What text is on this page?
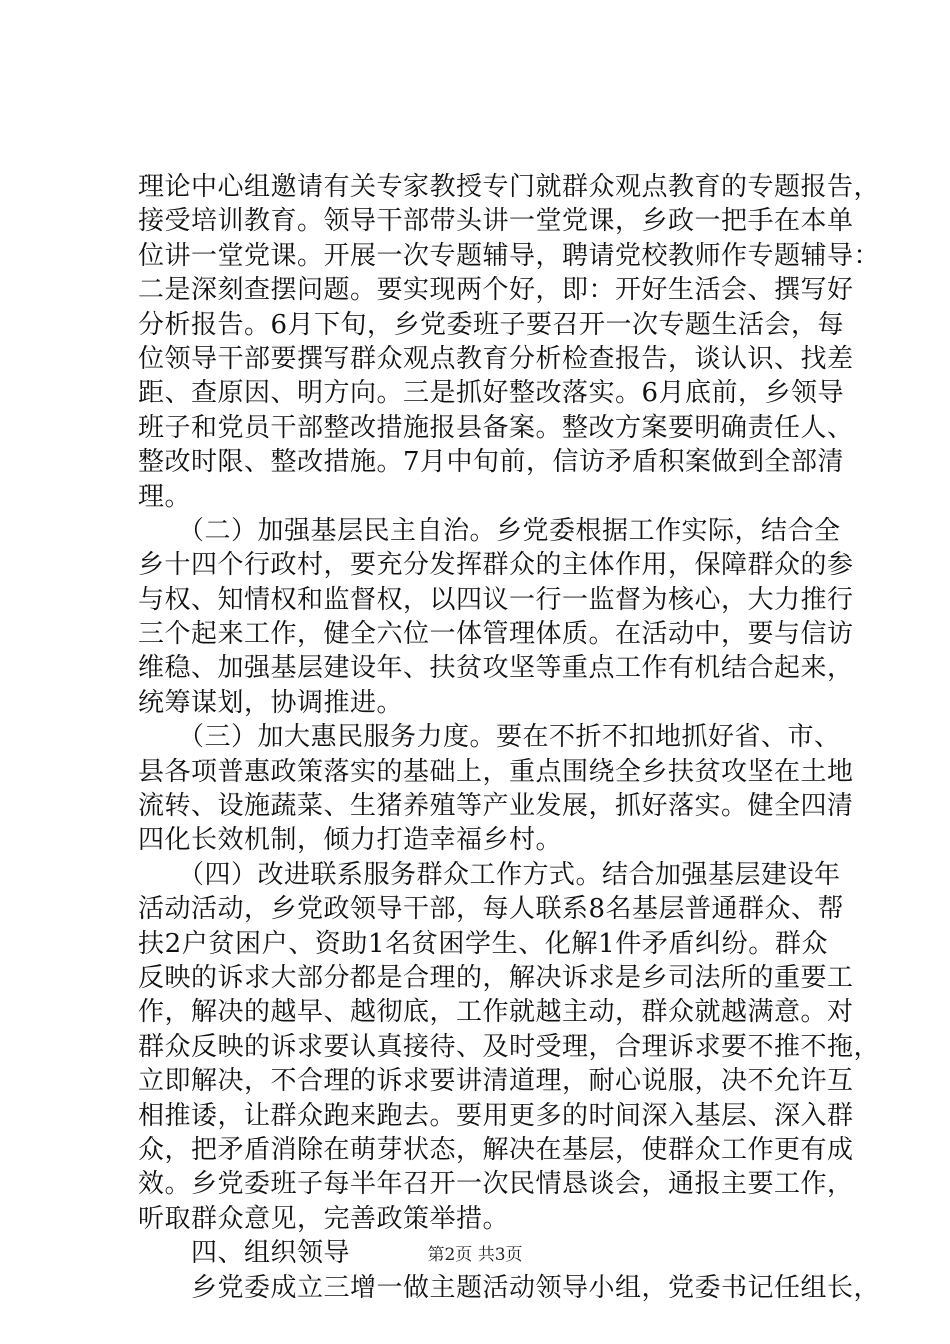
理论中心组邀请有关专家教授专门就群众观点教育的专题报告，
接受培训教育。领导干部带头讲一堂党课，乡政一把手在本单
位讲一堂党课。开展一次专题辅导，聘请党校教师作专题辅导：
二是深刻查摆问题。要实现两个好，即：开好生活会、撰写好
分析报告。6月下旬，乡党委班子要召开一次专题生活会，每
位领导干部要撰写群众观点教育分析检查报告，谈认识、找差
距、查原因、明方向。三是抓好整改落实。6月底前，乡领导
班子和党员干部整改措施报县备案。整改方案要明确责任人、
整改时限、整改措施。7月中旬前，信访矛盾积案做到全部清
理。
　　（二）加强基层民主自治。乡党委根据工作实际，结合全
乡十四个行政村，要充分发挥群众的主体作用，保障群众的参
与权、知情权和监督权，以四议一行一监督为核心，大力推行
三个起来工作，健全六位一体管理体质。在活动中，要与信访
维稳、加强基层建设年、扶贫攻坚等重点工作有机结合起来，
统筹谋划，协调推进。
　　（三）加大惠民服务力度。要在不折不扣地抓好省、市、
县各项普惠政策落实的基础上，重点围绕全乡扶贫攻坚在土地
流转、设施蔬菜、生猪养殖等产业发展，抓好落实。健全四清
四化长效机制，倾力打造幸福乡村。
　　（四）改进联系服务群众工作方式。结合加强基层建设年
活动活动，乡党政领导干部，每人联系8名基层普通群众、帮
扶2户贫困户、资助1名贫困学生、化解1件矛盾纠纷。群众
反映的诉求大部分都是合理的，解决诉求是乡司法所的重要工
作，解决的越早、越彻底，工作就越主动，群众就越满意。对
群众反映的诉求要认真接待、及时受理，合理诉求要不推不拖，
立即解决，不合理的诉求要讲清道理，耐心说服，决不允许互
相推诿，让群众跑来跑去。要用更多的时间深入基层、深入群
众，把矛盾消除在萌芽状态，解决在基层，使群众工作更有成
效。乡党委班子每半年召开一次民情恳谈会，通报主要工作，
听取群众意见，完善政策举措。
　　四、组织领导
　　乡党委成立三增一做主题活动领导小组，党委书记任组长，
第2页 共3页
